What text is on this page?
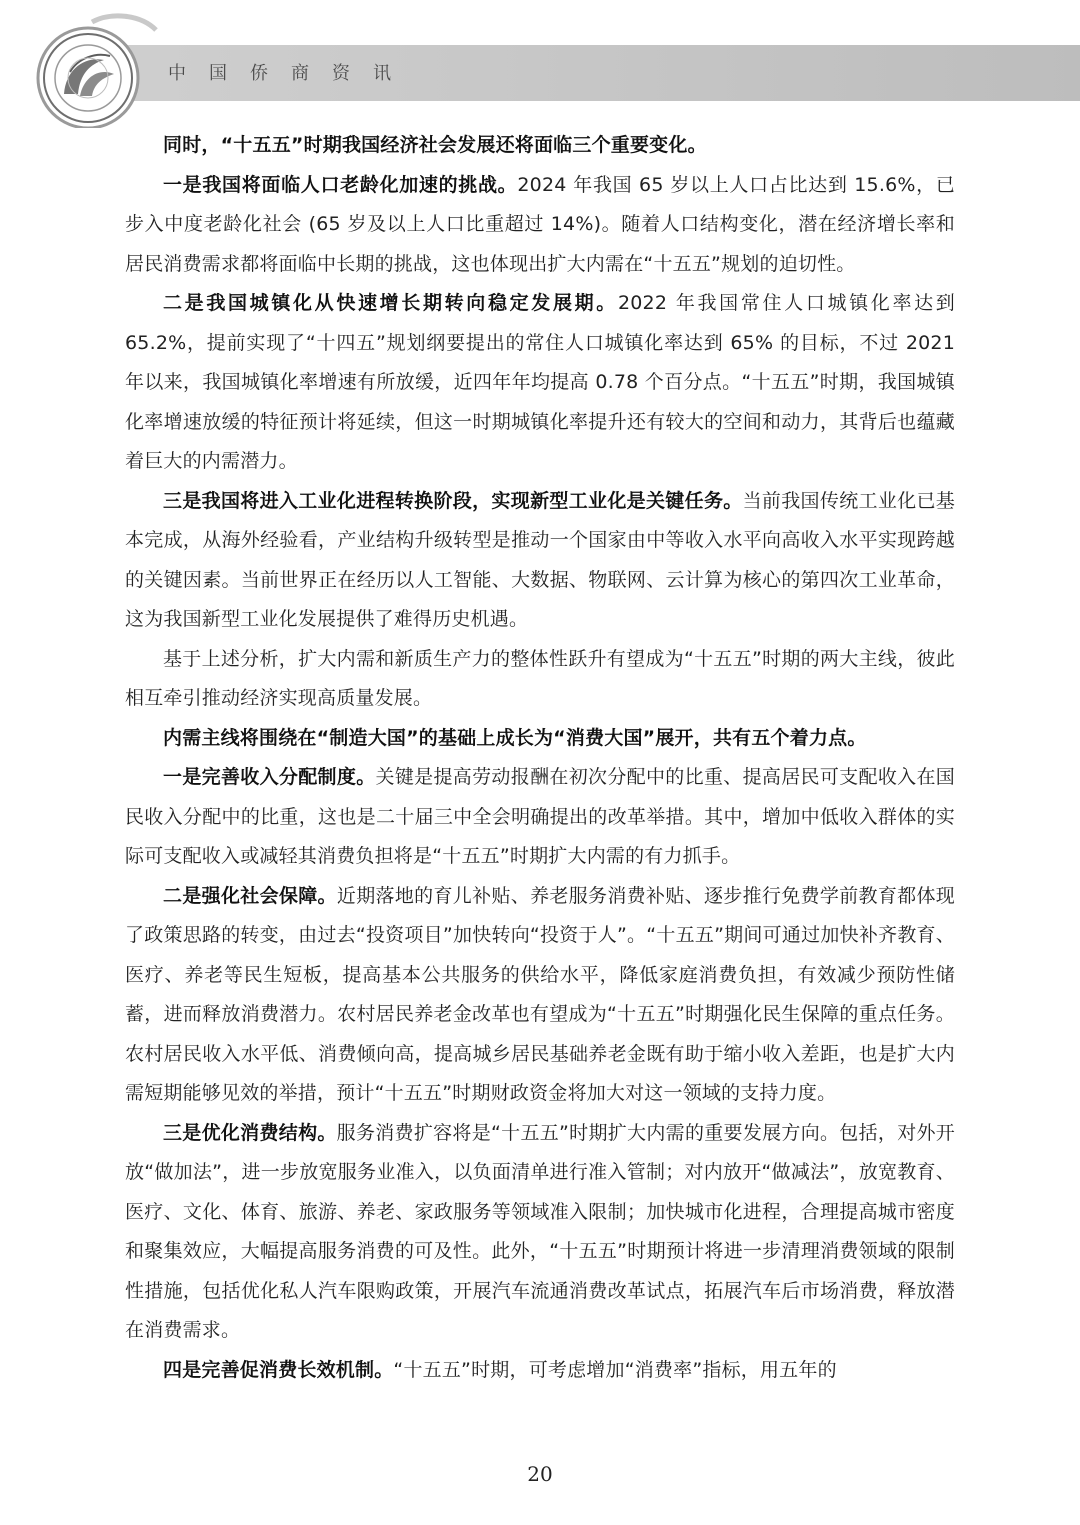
中国侨商资讯

同时，“十五五”时期我国经济社会发展还将面临三个重要变化。

一是我国将面临人口老龄化加速的挑战。2024 年我国 65 岁以上人口占比达到 15.6%，已步入中度老龄化社会 (65 岁及以上人口比重超过 14%)。随着人口结构变化，潜在经济增长率和居民消费需求都将面临中长期的挑战，这也体现出扩大内需在“十五五”规划的迫切性。

二是我国城镇化从快速增长期转向稳定发展期。2022 年我国常住人口城镇化率达到 65.2%，提前实现了“十四五”规划纲要提出的常住人口城镇化率达到 65% 的目标，不过 2021 年以来，我国城镇化率增速有所放缓，近四年年均提高 0.78 个百分点。“十五五”时期，我国城镇化率增速放缓的特征预计将延续，但这一时期城镇化率提升还有较大的空间和动力，其背后也蕴藏着巨大的内需潜力。

三是我国将进入工业化进程转换阶段，实现新型工业化是关键任务。当前我国传统工业化已基本完成，从海外经验看，产业结构升级转型是推动一个国家由中等收入水平向高收入水平实现跨越的关键因素。当前世界正在经历以人工智能、大数据、物联网、云计算为核心的第四次工业革命，这为我国新型工业化发展提供了难得历史机遇。

基于上述分析，扩大内需和新质生产力的整体性跃升有望成为“十五五”时期的两大主线，彼此相互牵引推动经济实现高质量发展。

内需主线将围绕在“制造大国”的基础上成长为“消费大国”展开，共有五个着力点。

一是完善收入分配制度。关键是提高劳动报酬在初次分配中的比重、提高居民可支配收入在国民收入分配中的比重，这也是二十届三中全会明确提出的改革举措。其中，增加中低收入群体的实际可支配收入或减轻其消费负担将是“十五五”时期扩大内需的有力抓手。

二是强化社会保障。近期落地的育儿补贴、养老服务消费补贴、逐步推行免费学前教育都体现了政策思路的转变，由过去“投资项目”加快转向“投资于人”。“十五五”期间可通过加快补齐教育、医疗、养老等民生短板，提高基本公共服务的供给水平，降低家庭消费负担，有效减少预防性储蓄，进而释放消费潜力。农村居民养老金改革也有望成为“十五五”时期强化民生保障的重点任务。农村居民收入水平低、消费倾向高，提高城乡居民基础养老金既有助于缩小收入差距，也是扩大内需短期能够见效的举措，预计“十五五”时期财政资金将加大对这一领域的支持力度。

三是优化消费结构。服务消费扩容将是“十五五”时期扩大内需的重要发展方向。包括，对外开放“做加法”，进一步放宽服务业准入，以负面清单进行准入管制；对内放开“做减法”，放宽教育、医疗、文化、体育、旅游、养老、家政服务等领域准入限制；加快城市化进程，合理提高城市密度和聚集效应，大幅提高服务消费的可及性。此外，“十五五”时期预计将进一步清理消费领域的限制性措施，包括优化私人汽车限购政策，开展汽车流通消费改革试点，拓展汽车后市场消费，释放潜在消费需求。

四是完善促消费长效机制。“十五五”时期，可考虑增加“消费率”指标，用五年的

20
